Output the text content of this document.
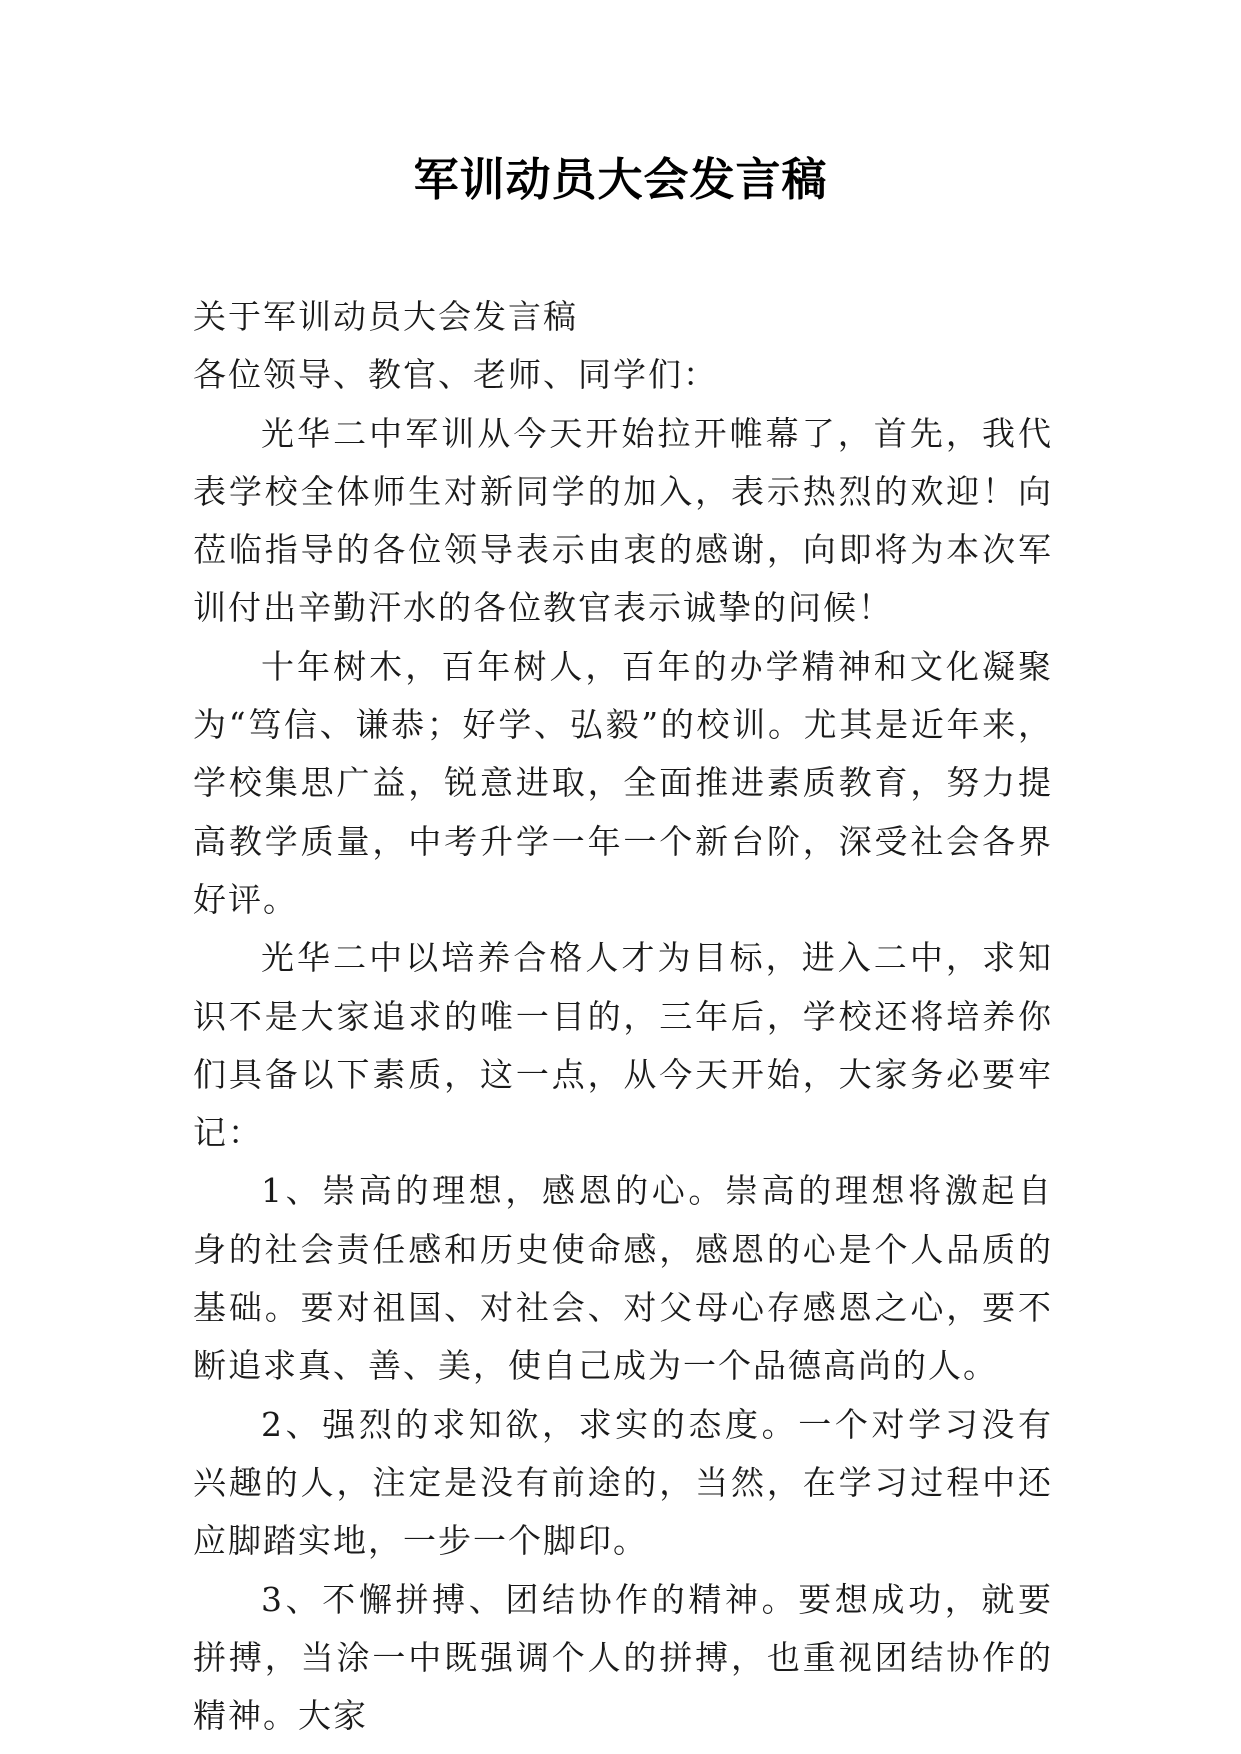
军训动员大会发言稿

关于军训动员大会发言稿

各位领导、教官、老师、同学们：

光华二中军训从今天开始拉开帷幕了，首先，我代表学校全体师生对新同学的加入，表示热烈的欢迎！向莅临指导的各位领导表示由衷的感谢，向即将为本次军训付出辛勤汗水的各位教官表示诚挚的问候！

十年树木，百年树人，百年的办学精神和文化凝聚为“笃信、谦恭；好学、弘毅”的校训。尤其是近年来，学校集思广益，锐意进取，全面推进素质教育，努力提高教学质量，中考升学一年一个新台阶，深受社会各界好评。

光华二中以培养合格人才为目标，进入二中，求知识不是大家追求的唯一目的，三年后，学校还将培养你们具备以下素质，这一点，从今天开始，大家务必要牢记：

1、崇高的理想，感恩的心。崇高的理想将激起自身的社会责任感和历史使命感，感恩的心是个人品质的基础。要对祖国、对社会、对父母心存感恩之心，要不断追求真、善、美，使自己成为一个品德高尚的人。

2、强烈的求知欲，求实的态度。一个对学习没有兴趣的人，注定是没有前途的，当然，在学习过程中还应脚踏实地，一步一个脚印。

3、不懈拼搏、团结协作的精神。要想成功，就要拼搏，当涂一中既强调个人的拼搏，也重视团结协作的精神。大家
